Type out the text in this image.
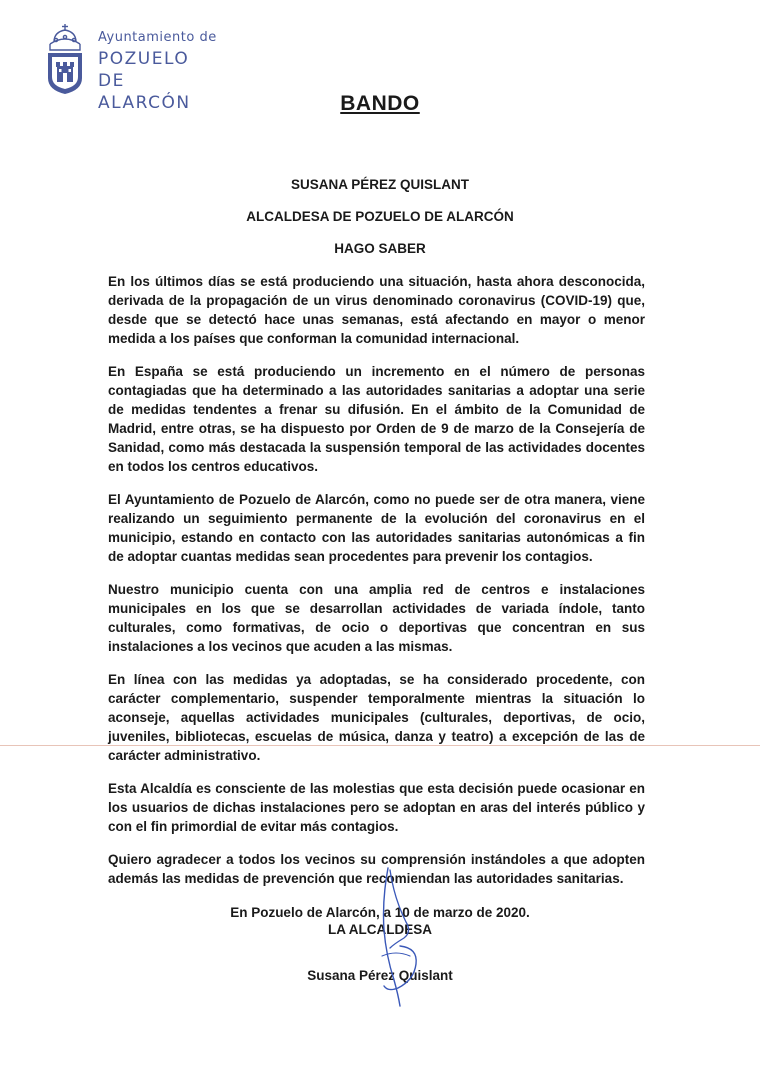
Ayuntamiento de
POZUELO
DE ALARCÓN	BANDO
SUSANA PÉREZ QUISLANT
ALCALDESA DE POZUELO DE ALARCÓN
HAGO SABER

En los últimos días se está produciendo una situación, hasta ahora desconocida, derivada de la propagación de un virus denominado coronavirus (COVID-19) que, desde que se detectó hace unas semanas, está afectando en mayor o menor medida a los países que conforman la comunidad internacional.

En España se está produciendo un incremento en el número de personas contagiadas que ha determinado a las autoridades sanitarias a adoptar una serie de medidas tendentes a frenar su difusión. En el ámbito de la Comunidad de Madrid, entre otras, se ha dispuesto por Orden de 9 de marzo de la Consejería de Sanidad, como más destacada la suspensión temporal de las actividades docentes en todos los centros educativos.

El Ayuntamiento de Pozuelo de Alarcón, como no puede ser de otra manera, viene realizando un seguimiento permanente de la evolución del coronavirus en el municipio, estando en contacto con las autoridades sanitarias autonómicas a fin de adoptar cuantas medidas sean procedentes para prevenir los contagios.

Nuestro municipio cuenta con una amplia red de centros e instalaciones municipales en los que se desarrollan actividades de variada índole, tanto culturales, como formativas, de ocio o deportivas que concentran en sus instalaciones a los vecinos que acuden a las mismas.

En línea con las medidas ya adoptadas, se ha considerado procedente, con carácter complementario, suspender temporalmente mientras la situación lo aconseje, aquellas actividades municipales (culturales, deportivas, de ocio, juveniles, bibliotecas, escuelas de música, danza y teatro) a excepción de las de carácter administrativo.

Esta Alcaldía es consciente de las molestias que esta decisión puede ocasionar en los usuarios de dichas instalaciones pero se adoptan en aras del interés público y con el fin primordial de evitar más contagios.

Quiero agradecer a todos los vecinos su comprensión instándoles a que adopten además las medidas de prevención que recomiendan las autoridades sanitarias.

En Pozuelo de Alarcón, a 10 de marzo de 2020.
LA ALCALDESA
Susana Pérez Quislant
